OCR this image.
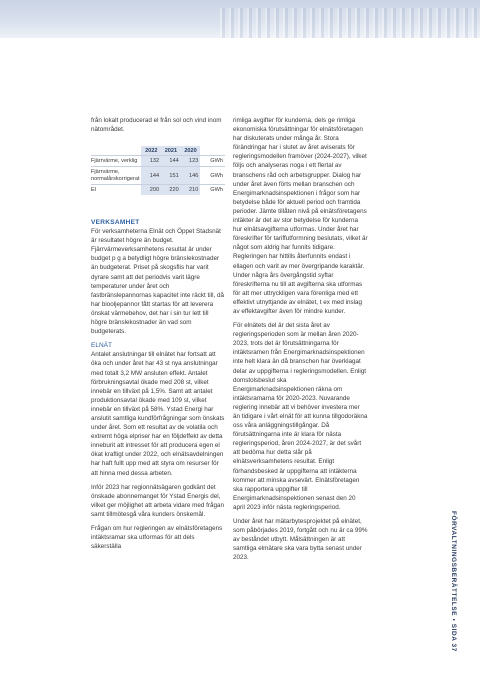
från lokalt producerad el från sol och vind inom nätområdet.

	2022	2021	2020	
Fjärrvärme, verklig	132	144	123	GWh
Fjärrvärme, normalårskorrigerat	144	151	146	GWh
El	200	220	210	GWh

VERKSAMHET

För verksamheterna Elnät och Öppet Stadsnät är resultatet högre än budget. Fjärrvärmeverksamhetens resultat är under budget p g a betydligt högre bränslekostnader än budgeterat. Priset på skogsflis har varit dyrare samt att det periodvis varit lägre temperaturer under året och fastbränslepannornas kapacitet inte räckt till, då har biooljepannor fått startas för att leverera önskat värmebehov, det har i sin tur lett till högre bränslekostnader än vad som budgeterats.

ELNÄT

Antalet anslutningar till elnätet har fortsatt att öka och under året har 43 st nya anslutningar med totalt 3,2 MW ansluten effekt. Antalet förbrukningsavtal ökade med 208 st, vilket innebär en tillväxt på 1,5%. Samt att antalet produktionsavtal ökade med 109 st, vilket innebär en tillväxt på 58%. Ystad Energi har anslutit samtliga kundförfrågningar som önskats under året. Som ett resultat av de volatila och extremt höga elpriser har en följdeffekt av detta inneburit att intresset för att producera egen el ökat kraftigt under 2022, och elnätsavdelningen har haft fullt upp med att styra om resurser för att hinna med dessa arbeten.

Inför 2023 har regionnätsägaren godkänt det önskade abonnemanget för Ystad Energis del, vilket ger möjlighet att arbeta vidare med frågan samt tillmötesgå våra kunders önskemål.

Frågan om hur regleringen av elnätsföretagens intäktsramar ska utformas för att dels säkerställa

rimliga avgifter för kunderna, dels ge rimliga ekonomiska förutsättningar för elnätsföretagen har diskuterats under många år. Stora förändringar har i slutet av året aviserats för regleringsmodellen framöver (2024-2027), vilket följs och analyseras noga i ett flertal av branschens råd och arbetsgrupper. Dialog har under året även förts mellan branschen och Energimarknadsinspektionen i frågor som har betydelse både för aktuell period och framtida perioder. Jämte tillåten nivå på elnätsföretagens intäkter är det av stor betydelse för kunderna hur elnätsavgifterna utformas. Under året har föreskrifter för tariffutformning beslutats, vilket är något som aldrig har funnits tidigare. Regleringen har hittills återfunnits endast i ellagen och varit av mer övergripande karaktär. Under några års övergångstid syftar föreskrifterna nu till att avgifterna ska utformas för att mer uttryckligen vara förenliga med ett effektivt utnyttjande av elnätet, t ex med inslag av effektavgifter även för mindre kunder.

För elnätets del är det sista året av regleringsperioden som är mellan åren 2020-2023, trots det är förutsättningarna för intäktsramen från Energimarknadsinspektionen inte helt klara än då branschen har överklagat delar av uppgifterna i regleringsmodellen. Enligt domstolsbeslut ska Energimarknadsinspektionen räkna om intäktsramarna för 2020-2023. Nuvarande reglering innebär att vi behöver investera mer än tidigare i vårt elnät för att kunna tillgodoräkna oss våra anläggningstillgångar. Då förutsättningarna inte är klara för nästa regleringsperiod, åren 2024-2027, är det svårt att bedöma hur detta slår på elnätsverksamhetens resultat. Enligt förhandsbesked är uppgifterna att intäkterna kommer att minska avsevärt. Elnätsföretagen ska rapportera uppgifter till Energimarknadsinspektionen senast den 20 april 2023 inför nästa regleringsperiod.

Under året har mätarbytesprojektet på elnätet, som påbörjades 2019, fortgått och nu är ca 99% av beståndet utbytt. Målsättningen är att samtliga elmätare ska vara bytta senast under 2023.	FÖRVALTNINGSBERÄTTELSE • SIDA 37
